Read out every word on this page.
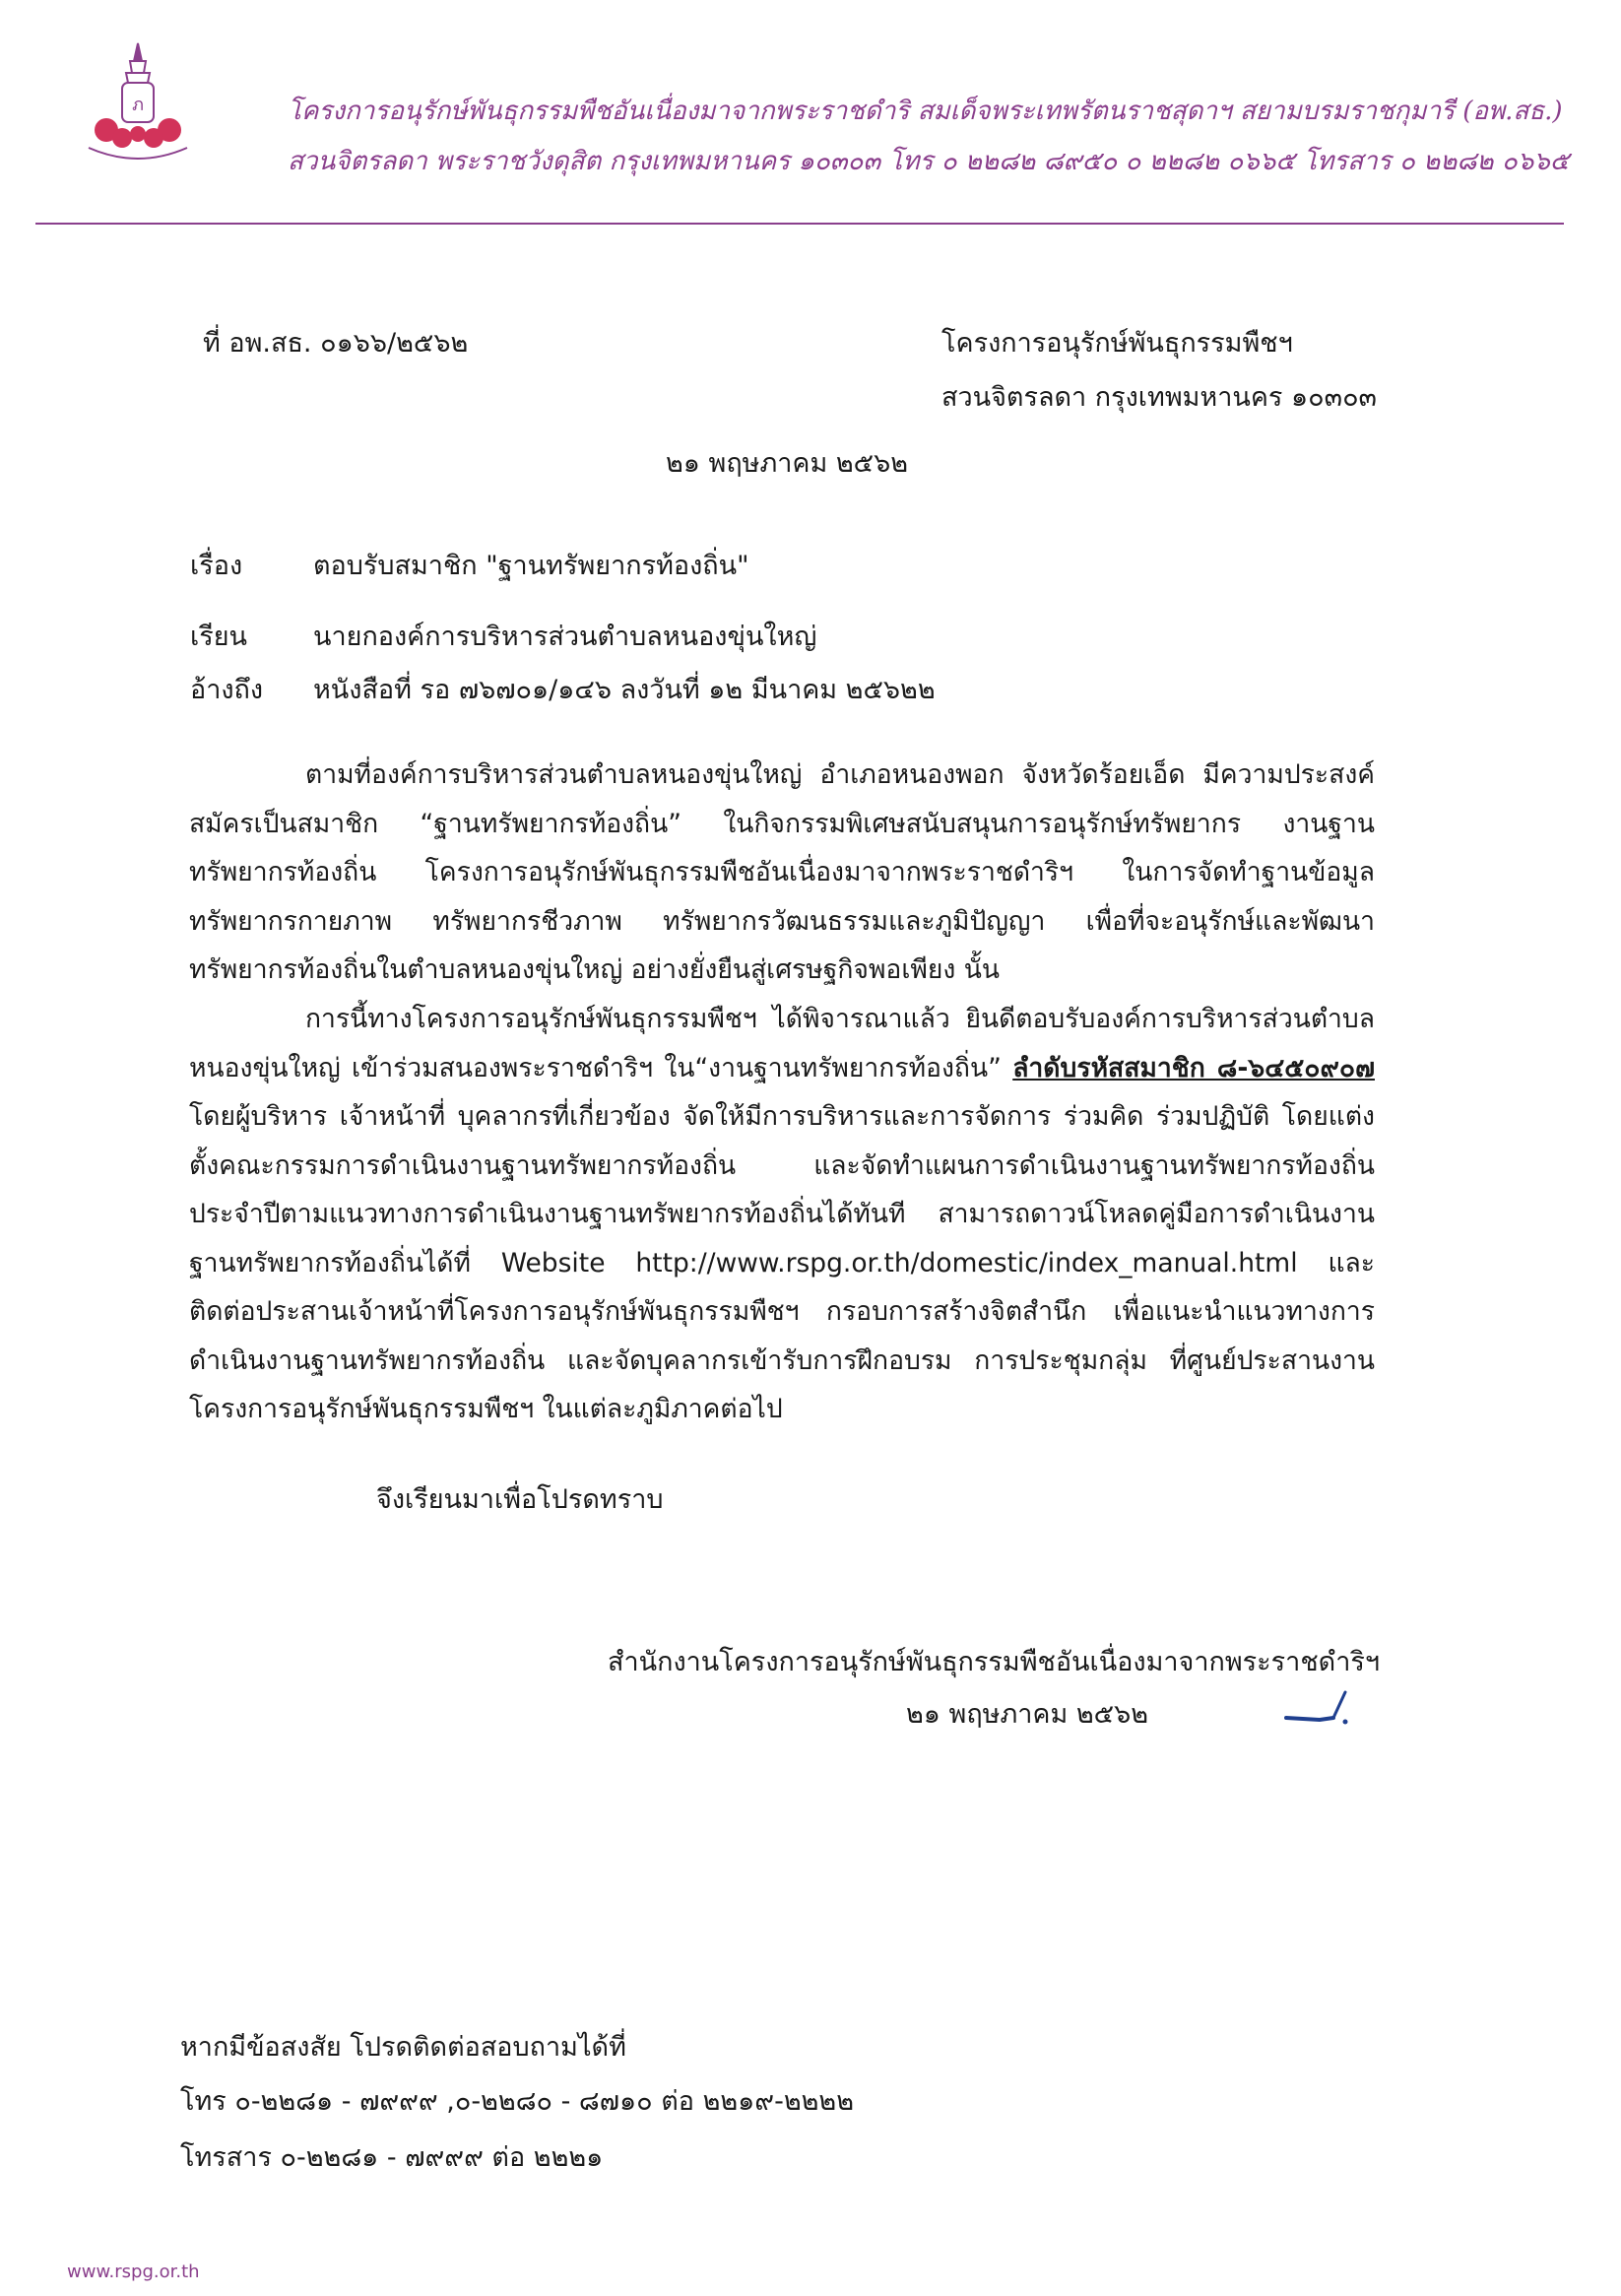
ภ	โครงการอนุรักษ์พันธุกรรมพืชอันเนื่องมาจากพระราชดำริ สมเด็จพระเทพรัตนราชสุดาฯ สยามบรมราชกุมารี (อพ.สธ.)
สวนจิตรลดา พระราชวังดุสิต กรุงเทพมหานคร ๑๐๓๐๓ โทร ๐ ๒๒๘๒ ๘๙๕๐ ๐ ๒๒๘๒ ๐๖๖๕ โทรสาร ๐ ๒๒๘๒ ๐๖๖๕
ที่ อพ.สธ. ๐๑๖๖/๒๕๖๒	โครงการอนุรักษ์พันธุกรรมพืชฯ
สวนจิตรลดา กรุงเทพมหานคร ๑๐๓๐๓
๒๑ พฤษภาคม ๒๕๖๒
เรื่อง	ตอบรับสมาชิก "ฐานทรัพยากรท้องถิ่น"
เรียน นายกองค์การบริหารส่วนตำบลหนองขุ่นใหญ่
อ้างถึง หนังสือที่ รอ ๗๖๗๐๑/๑๔๖ ลงวันที่ ๑๒ มีนาคม ๒๕๖๒๒

ตามที่องค์การบริหารส่วนตำบลหนองขุ่นใหญ่ อำเภอหนองพอก จังหวัดร้อยเอ็ด มีความประสงค์สมัครเป็นสมาชิก “ฐานทรัพยากรท้องถิ่น” ในกิจกรรมพิเศษสนับสนุนการอนุรักษ์ทรัพยากร งานฐานทรัพยากรท้องถิ่น โครงการอนุรักษ์พันธุกรรมพืชอันเนื่องมาจากพระราชดำริฯ ในการจัดทำฐานข้อมูลทรัพยากรกายภาพ ทรัพยากรชีวภาพ ทรัพยากรวัฒนธรรมและภูมิปัญญา เพื่อที่จะอนุรักษ์และพัฒนาทรัพยากรท้องถิ่นในตำบลหนองขุ่นใหญ่ อย่างยั่งยืนสู่เศรษฐกิจพอเพียง นั้น

การนี้ทางโครงการอนุรักษ์พันธุกรรมพืชฯ ได้พิจารณาแล้ว ยินดีตอบรับองค์การบริหารส่วนตำบลหนองขุ่นใหญ่ เข้าร่วมสนองพระราชดำริฯ ใน“งานฐานทรัพยากรท้องถิ่น” ลำดับรหัสสมาชิก ๘-๖๔๕๐๙๐๗ โดยผู้บริหาร เจ้าหน้าที่ บุคลากรที่เกี่ยวข้อง จัดให้มีการบริหารและการจัดการ ร่วมคิด ร่วมปฏิบัติ โดยแต่งตั้งคณะกรรมการดำเนินงานฐานทรัพยากรท้องถิ่น และจัดทำแผนการดำเนินงานฐานทรัพยากรท้องถิ่นประจำปีตามแนวทางการดำเนินงานฐานทรัพยากรท้องถิ่นได้ทันที สามารถดาวน์โหลดคู่มือการดำเนินงานฐานทรัพยากรท้องถิ่นได้ที่ Website http://www.rspg.or.th/domestic/index_manual.html และติดต่อประสานเจ้าหน้าที่โครงการอนุรักษ์พันธุกรรมพืชฯ กรอบการสร้างจิตสำนึก เพื่อแนะนำแนวทางการดำเนินงานฐานทรัพยากรท้องถิ่น และจัดบุคลากรเข้ารับการฝึกอบรม การประชุมกลุ่ม ที่ศูนย์ประสานงานโครงการอนุรักษ์พันธุกรรมพืชฯ ในแต่ละภูมิภาคต่อไป

จึงเรียนมาเพื่อโปรดทราบ
สำนักงานโครงการอนุรักษ์พันธุกรรมพืชอันเนื่องมาจากพระราชดำริฯ
๒๑ พฤษภาคม ๒๕๖๒
หากมีข้อสงสัย โปรดติดต่อสอบถามได้ที่
โทร ๐-๒๒๘๑ - ๗๙๙๙ ,๐-๒๒๘๐ - ๘๗๑๐ ต่อ ๒๒๑๙-๒๒๒๒
โทรสาร ๐-๒๒๘๑ - ๗๙๙๙ ต่อ ๒๒๒๑
www.rspg.or.th
